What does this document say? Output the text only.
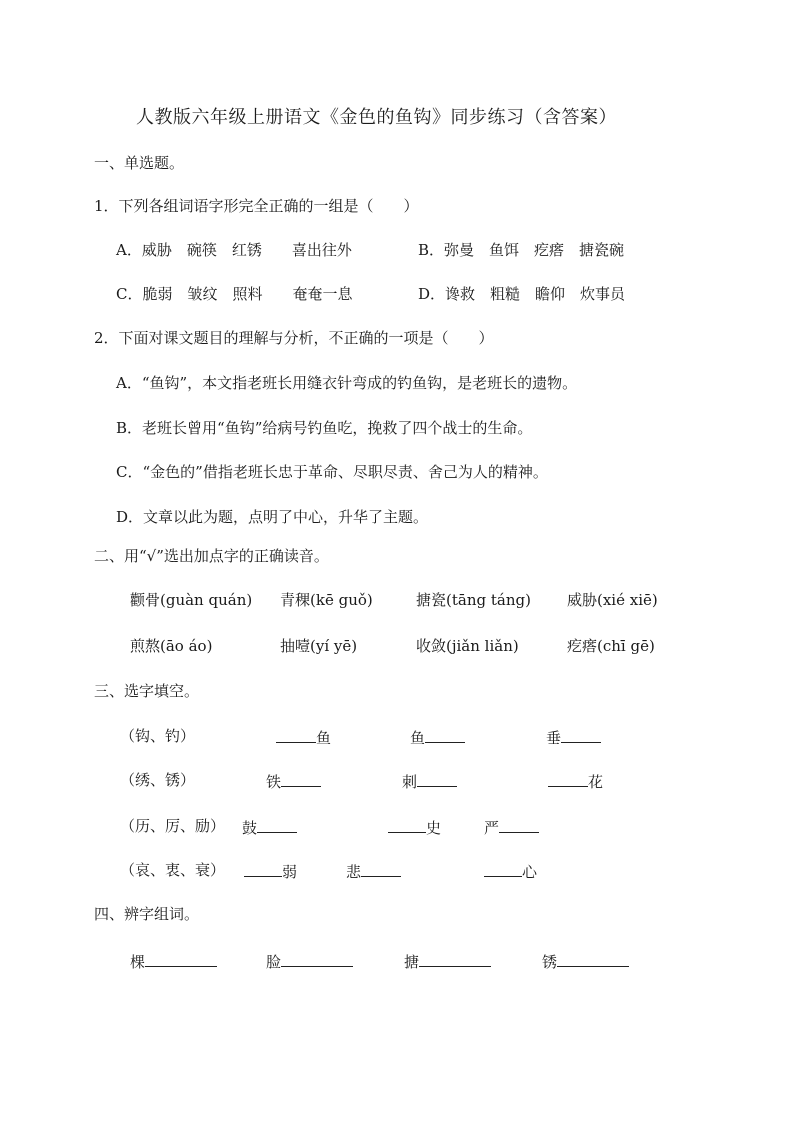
人教版六年级上册语文《金色的鱼钩》同步练习（含答案）
一、单选题。
1．下列各组词语字形完全正确的一组是（　　）
A．威胁　碗筷　红锈　　喜出往外	B．弥曼　鱼饵　疙瘩　搪瓷碗
C．脆弱　皱纹　照料　　奄奄一息	D．谗救　粗糙　瞻仰　炊事员
2．下面对课文题目的理解与分析，不正确的一项是（　　）
A．“鱼钩”，本文指老班长用缝衣针弯成的钓鱼钩，是老班长的遗物。
B．老班长曾用“鱼钩”给病号钓鱼吃，挽救了四个战士的生命。
C．“金色的”借指老班长忠于革命、尽职尽责、舍己为人的精神。
D．文章以此为题，点明了中心，升华了主题。
二、用“√”选出加点字的正确读音。
颧骨(guàn quán) 青稞(kē guǒ)	搪瓷(tāng táng) 威胁(xié xiē)
煎熬(āo áo)	抽噎(yí yē)	收敛(jiǎn liǎn)	疙瘩(chī gē)
三、选字填空。
（钩、钓）	鱼	鱼	垂
（绣、锈）	铁	刺	花
（历、厉、励） 鼓	史	严
（哀、衷、衰）	弱	悲	心
四、辨字组词。
棵	脸	搪	锈
